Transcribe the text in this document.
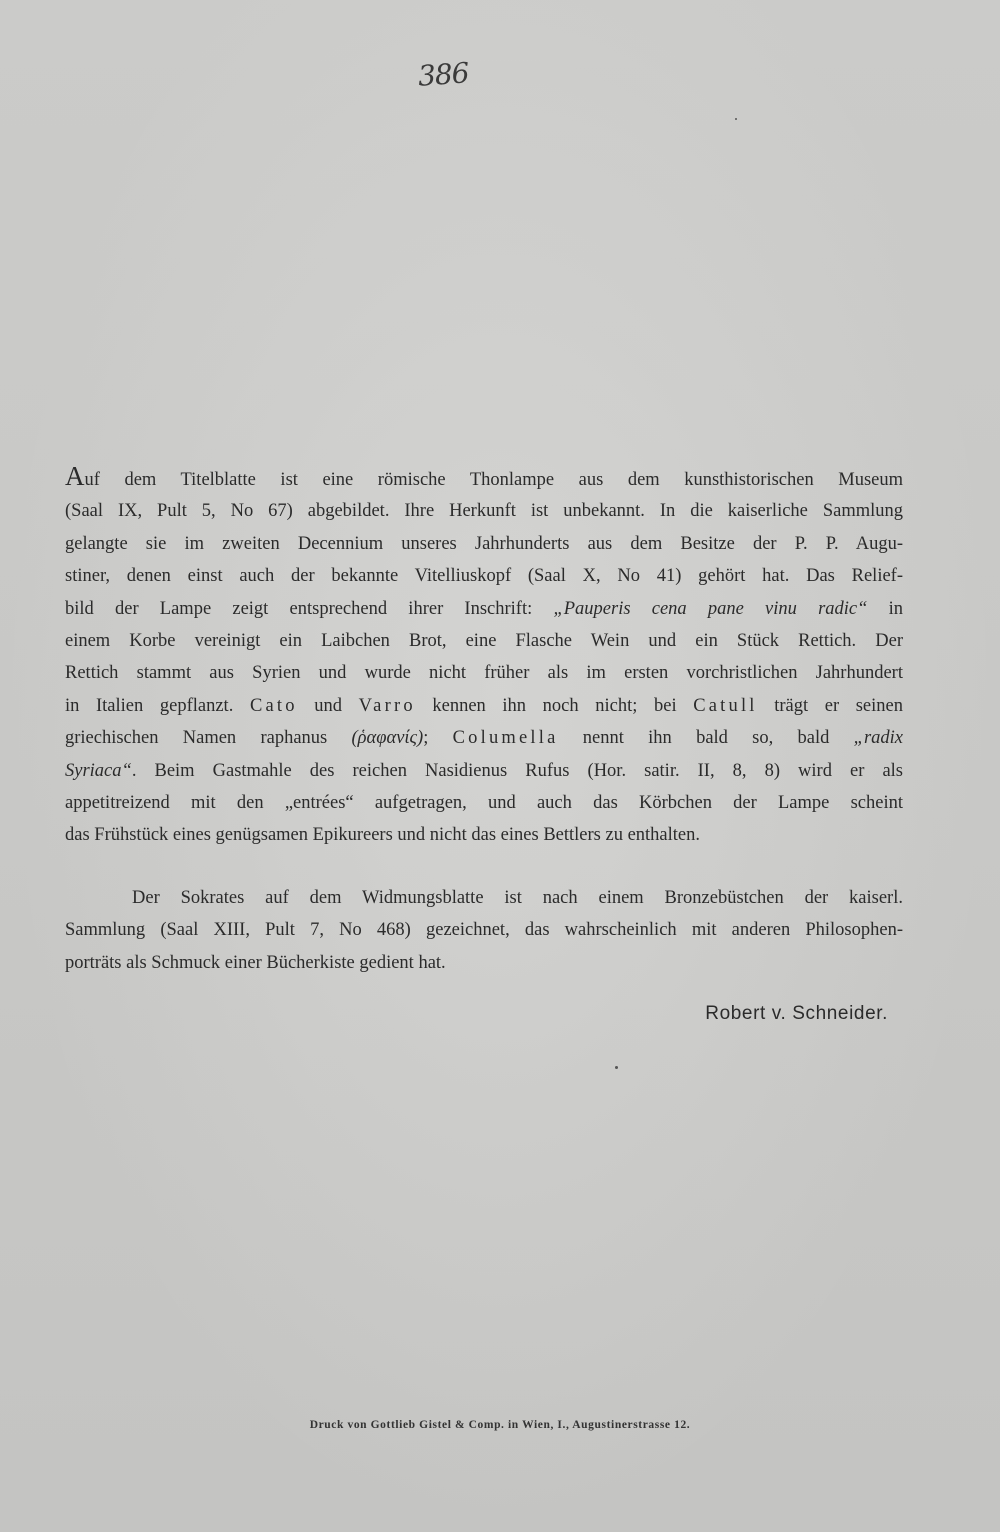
386
Auf dem Titelblatte ist eine römische Thonlampe aus dem kunsthistorischen Museum
(Saal IX, Pult 5, No 67) abgebildet. Ihre Herkunft ist unbekannt. In die kaiserliche Sammlung
gelangte sie im zweiten Decennium unseres Jahrhunderts aus dem Besitze der P. P. Augu-
stiner, denen einst auch der bekannte Vitelliuskopf (Saal X, No 41) gehört hat. Das Relief-
bild der Lampe zeigt entsprechend ihrer Inschrift: „Pauperis cena pane vinu radic“ in
einem Korbe vereinigt ein Laibchen Brot, eine Flasche Wein und ein Stück Rettich. Der
Rettich stammt aus Syrien und wurde nicht früher als im ersten vorchristlichen Jahrhundert
in Italien gepflanzt. Cato und Varro kennen ihn noch nicht; bei Catull trägt er seinen
griechischen Namen raphanus (ῥαφανίς); Columella nennt ihn bald so, bald „radix
Syriaca“. Beim Gastmahle des reichen Nasidienus Rufus (Hor. satir. II, 8, 8) wird er als
appetitreizend mit den „entrées“ aufgetragen, und auch das Körbchen der Lampe scheint
das Frühstück eines genügsamen Epikureers und nicht das eines Bettlers zu enthalten.
Der Sokrates auf dem Widmungsblatte ist nach einem Bronzebüstchen der kaiserl.
Sammlung (Saal XIII, Pult 7, No 468) gezeichnet, das wahrscheinlich mit anderen Philosophen-
porträts als Schmuck einer Bücherkiste gedient hat.
Robert v. Schneider.
Druck von Gottlieb Gistel & Comp. in Wien, I., Augustinerstrasse 12.
